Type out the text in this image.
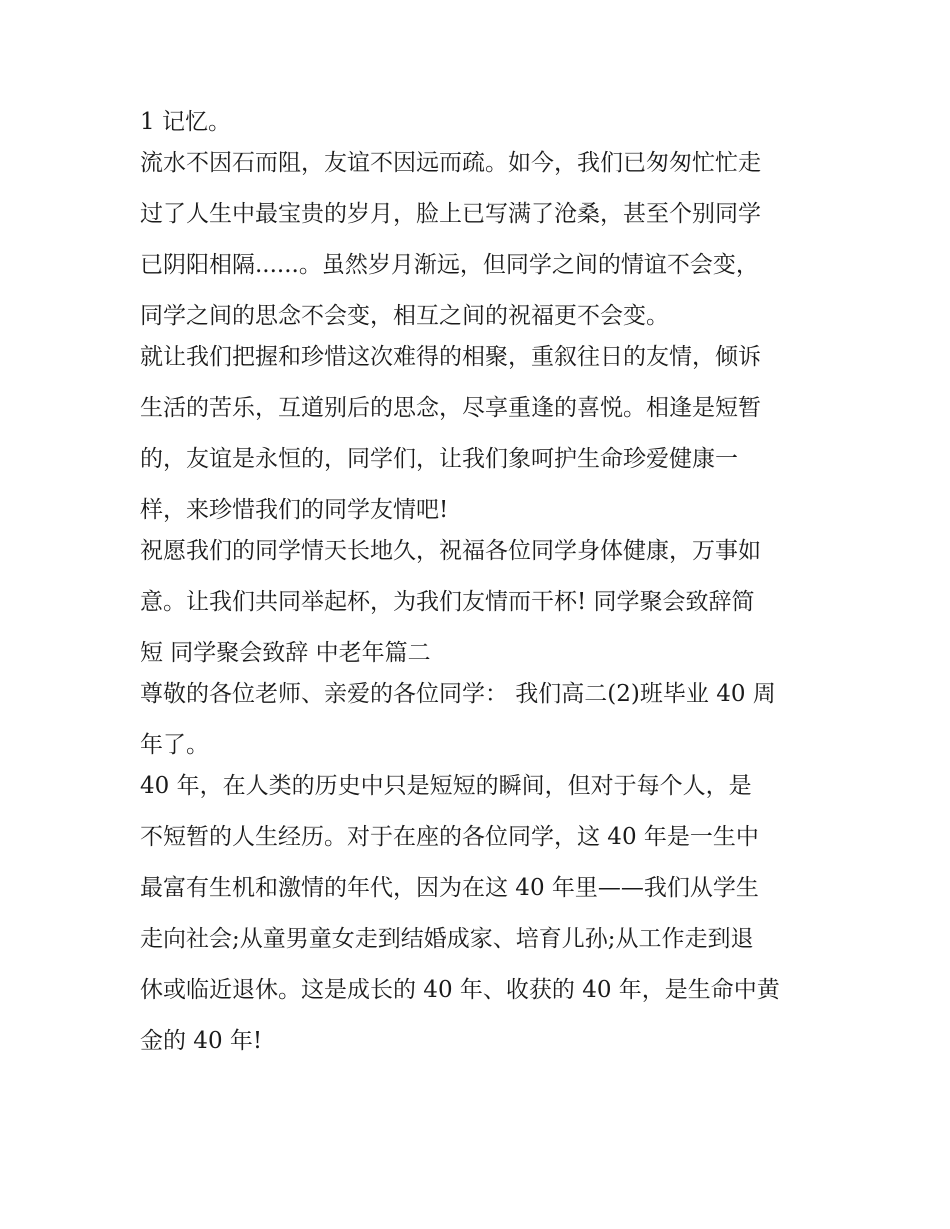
1 记忆。
流水不因石而阻，友谊不因远而疏。如今，我们已匆匆忙忙走
过了人生中最宝贵的岁月，脸上已写满了沧桑，甚至个别同学
已阴阳相隔......。虽然岁月渐远，但同学之间的情谊不会变，
同学之间的思念不会变，相互之间的祝福更不会变。
就让我们把握和珍惜这次难得的相聚，重叙往日的友情，倾诉
生活的苦乐，互道别后的思念，尽享重逢的喜悦。相逢是短暂
的，友谊是永恒的，同学们，让我们象呵护生命珍爱健康一
样，来珍惜我们的同学友情吧!
祝愿我们的同学情天长地久，祝福各位同学身体健康，万事如
意。让我们共同举起杯，为我们友情而干杯! 同学聚会致辞简
短 同学聚会致辞 中老年篇二
尊敬的各位老师、亲爱的各位同学： 我们高二(2)班毕业 40 周
年了。
40 年，在人类的历史中只是短短的瞬间，但对于每个人，是
不短暂的人生经历。对于在座的各位同学，这 40 年是一生中
最富有生机和激情的年代，因为在这 40 年里——我们从学生
走向社会;从童男童女走到结婚成家、培育儿孙;从工作走到退
休或临近退休。这是成长的 40 年、收获的 40 年，是生命中黄
金的 40 年!
